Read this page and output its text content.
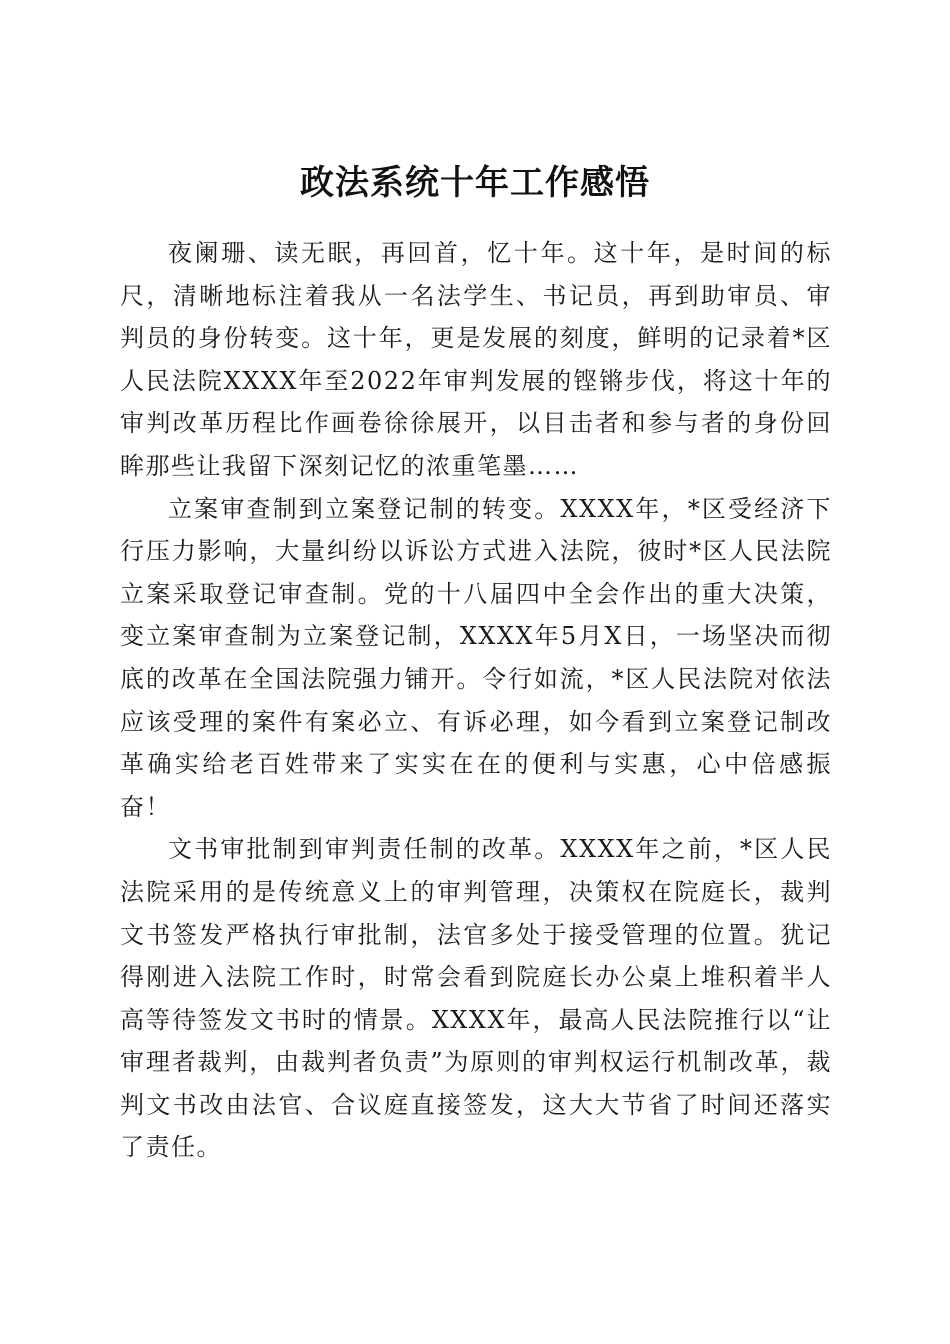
政法系统十年工作感悟

夜阑珊、读无眠，再回首，忆十年。这十年，是时间的标尺，清晰地标注着我从一名法学生、书记员，再到助审员、审判员的身份转变。这十年，更是发展的刻度，鲜明的记录着*区人民法院XXXX年至2022年审判发展的铿锵步伐，将这十年的审判改革历程比作画卷徐徐展开，以目击者和参与者的身份回眸那些让我留下深刻记忆的浓重笔墨……

立案审查制到立案登记制的转变。XXXX年，*区受经济下行压力影响，大量纠纷以诉讼方式进入法院，彼时*区人民法院立案采取登记审查制。党的十八届四中全会作出的重大决策，变立案审查制为立案登记制，XXXX年5月X日，一场坚决而彻底的改革在全国法院强力铺开。令行如流，*区人民法院对依法应该受理的案件有案必立、有诉必理，如今看到立案登记制改革确实给老百姓带来了实实在在的便利与实惠，心中倍感振奋！

文书审批制到审判责任制的改革。XXXX年之前，*区人民法院采用的是传统意义上的审判管理，决策权在院庭长，裁判文书签发严格执行审批制，法官多处于接受管理的位置。犹记得刚进入法院工作时，时常会看到院庭长办公桌上堆积着半人高等待签发文书时的情景。XXXX年，最高人民法院推行以“让审理者裁判，由裁判者负责”为原则的审判权运行机制改革，裁判文书改由法官、合议庭直接签发，这大大节省了时间还落实了责任。
